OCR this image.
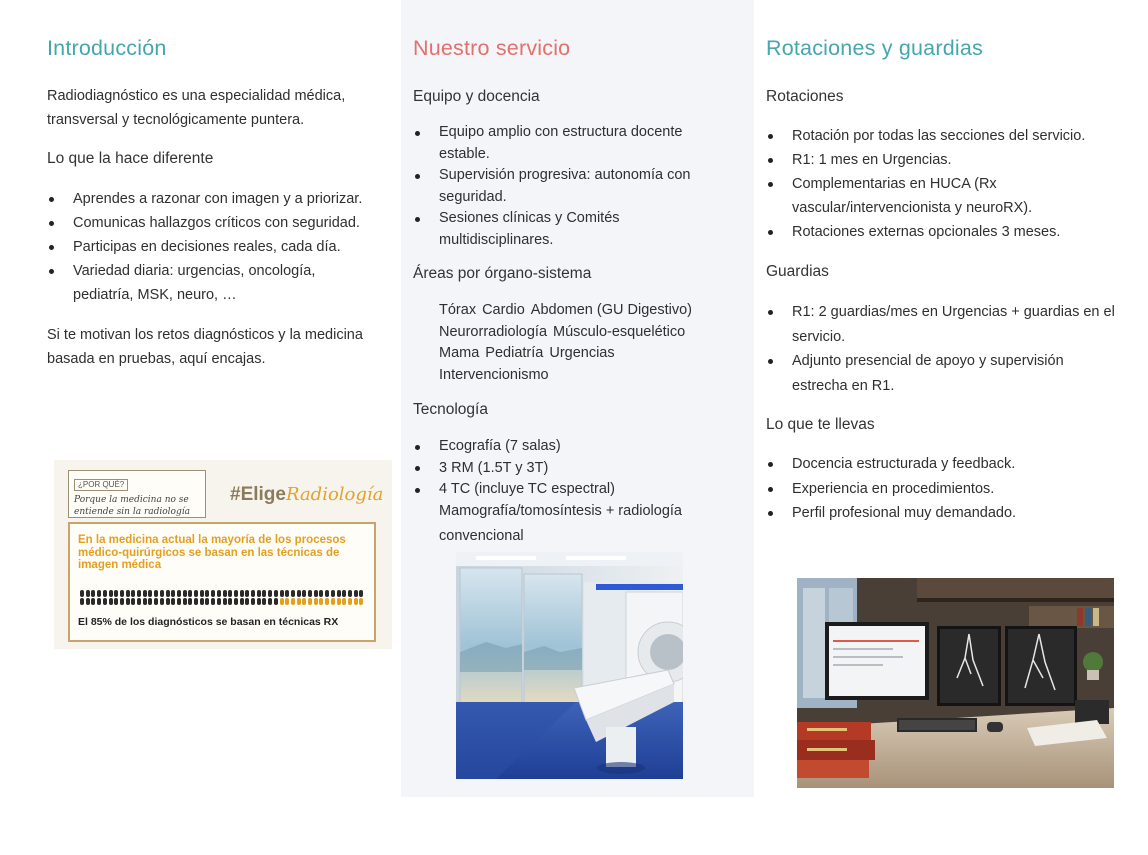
Introducción

Radiodiagnóstico es una especialidad médica, transversal y tecnológicamente puntera.

Lo que la hace diferente
Aprendes a razonar con imagen y a priorizar.
Comunicas hallazgos críticos con seguridad.
Participas en decisiones reales, cada día.
Variedad diaria: urgencias, oncología, pediatría, MSK, neuro, …

Si te motivan los retos diagnósticos y la medicina basada en pruebas, aquí encajas.

¿POR QUÉ?
Porque la medicina no se entiende sin la radiología
#EligeRadiología
En la medicina actual la mayoría de los procesos médico-quirúrgicos se basan en las técnicas de imagen médica
El 85% de los diagnósticos se basan en técnicas RX
Nuestro servicio
Equipo y docencia
Equipo amplio con estructura docente estable.
Supervisión progresiva: autonomía con seguridad.
Sesiones clínicas y Comités multidisciplinares.
Áreas por órgano-sistema
Tórax Cardio Abdomen (GU Digestivo)
Neurorradiología Músculo-esquelético
Mama Pediatría Urgencias
Intervencionismo
Tecnología
Ecografía (7 salas)
3 RM (1.5T y 3T)
4 TC (incluye TC espectral)
Mamografía/tomosíntesis + radiología convencional
Rotaciones y guardias
Rotaciones
Rotación por todas las secciones del servicio.
R1: 1 mes en Urgencias.
Complementarias en HUCA (Rx vascular/intervencionista y neuroRX).
Rotaciones externas opcionales 3 meses.
Guardias
R1: 2 guardias/mes en Urgencias + guardias en el servicio.
Adjunto presencial de apoyo y supervisión estrecha en R1.
Lo que te llevas
Docencia estructurada y feedback.
Experiencia en procedimientos.
Perfil profesional muy demandado.
